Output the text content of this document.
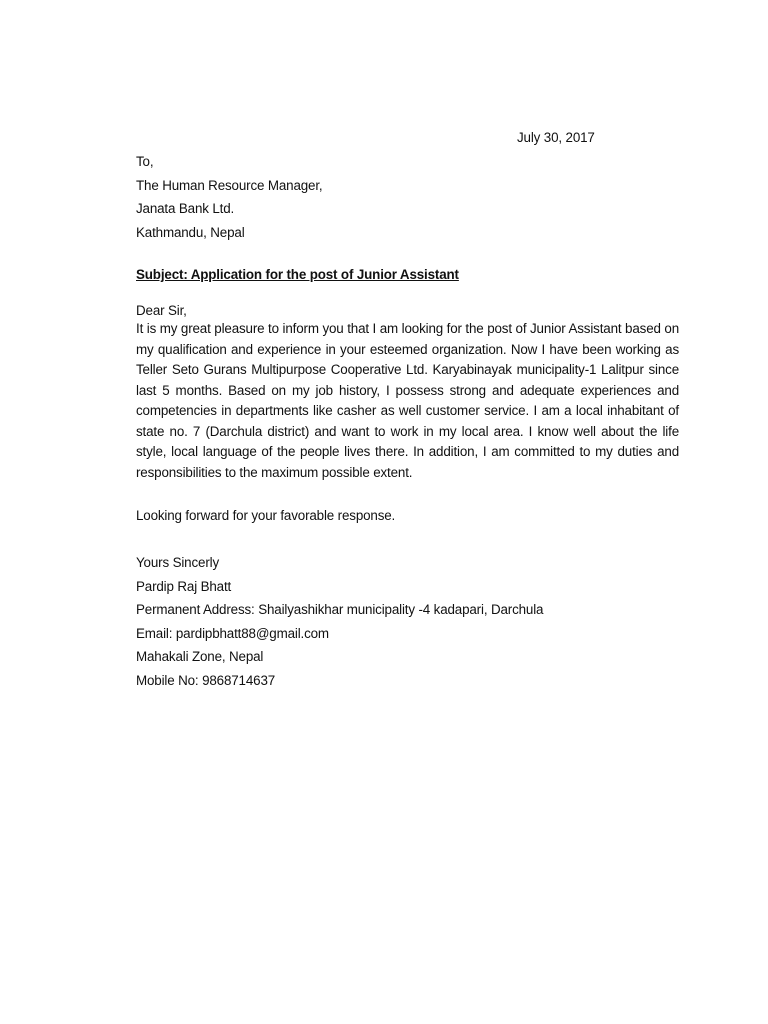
July 30, 2017
To,
The Human Resource Manager,
Janata Bank Ltd.
Kathmandu, Nepal
Subject: Application for the post of Junior Assistant
Dear Sir,
It is my great pleasure to inform you that I am looking for the post of Junior Assistant based on my qualification and experience in your esteemed organization. Now I have been working as Teller Seto Gurans Multipurpose Cooperative Ltd. Karyabinayak municipality-1 Lalitpur since last 5 months. Based on my job history, I possess strong and adequate experiences and competencies in departments like casher as well customer service. I am a local inhabitant of state no. 7 (Darchula district) and want to work in my local area. I know well about the life style, local language of the people lives there. In addition, I am committed to my duties and responsibilities to the maximum possible extent.
Looking forward for your favorable response.
Yours Sincerly
Pardip Raj Bhatt
Permanent Address: Shailyashikhar municipality -4 kadapari, Darchula
Email: pardipbhatt88@gmail.com
Mahakali Zone, Nepal
Mobile No: 9868714637
